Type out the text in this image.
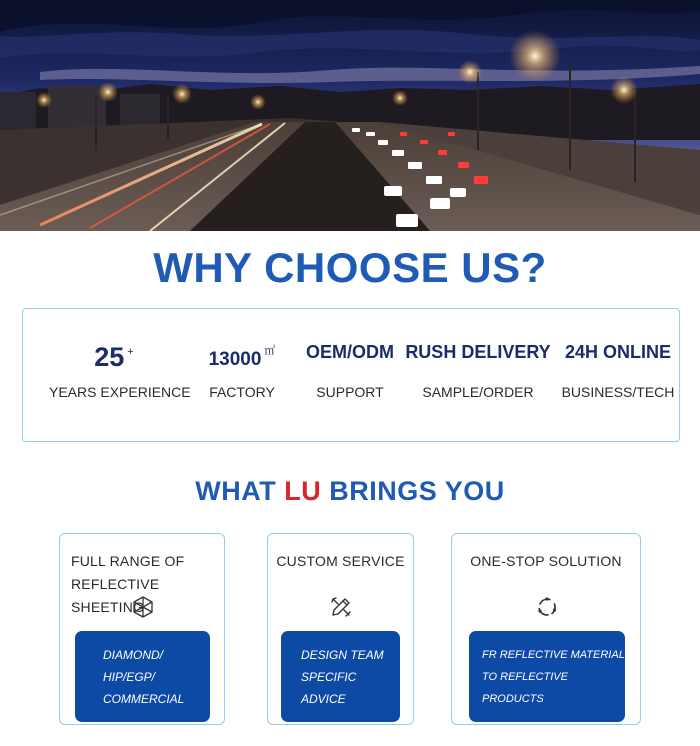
WHY CHOOSE US?
25 +
YEARS EXPERIENCE
13000 ㎡
FACTORY
OEM/ODM
SUPPORT
RUSH DELIVERY
SAMPLE/ORDER
24H ONLINE
BUSINESS/TECH
WHAT LU BRINGS YOU
FULL RANGE OF
REFLECTIVE SHEETING
DIAMOND/
HIP/EGP/
COMMERCIAL
CUSTOM SERVICE
DESIGN TEAM
SPECIFIC ADVICE
ONE-STOP SOLUTION
FR REFLECTIVE MATERIAL
TO REFLECTIVE PRODUCTS
